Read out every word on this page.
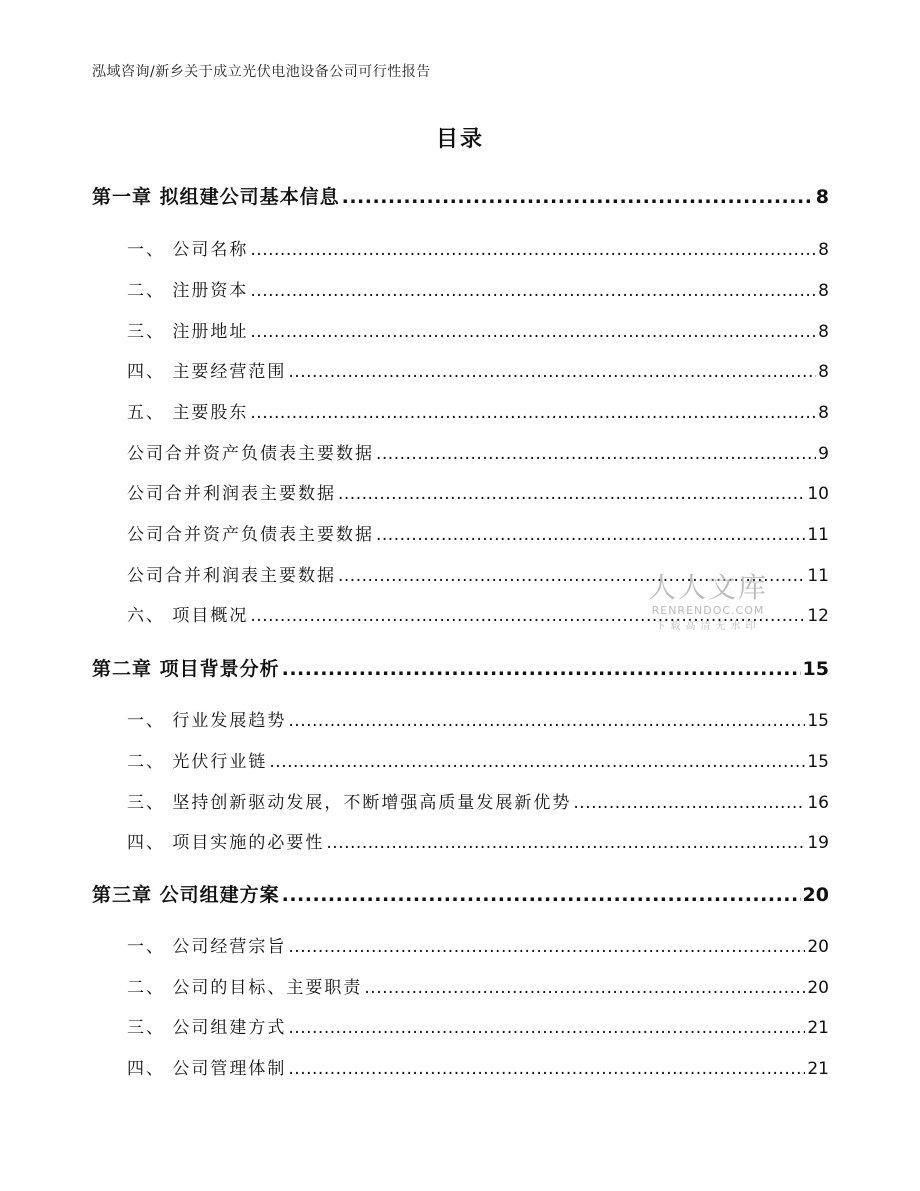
泓域咨询/新乡关于成立光伏电池设备公司可行性报告
目录
第一章 拟组建公司基本信息 .....	8
一、 公司名称 .....	8
二、 注册资本 .....	8
三、 注册地址 .....	8
四、 主要经营范围 .....	8
五、 主要股东 .....	8
公司合并资产负债表主要数据 .....	9
公司合并利润表主要数据 .....	10
公司合并资产负债表主要数据 .....	11
公司合并利润表主要数据 .....	11
六、 项目概况 .....	12
第二章 项目背景分析 .....	15
一、 行业发展趋势 .....	15
二、 光伏行业链 .....	15
三、 坚持创新驱动发展，不断增强高质量发展新优势 .....	16
四、 项目实施的必要性 .....	19
第三章 公司组建方案 .....	20
一、 公司经营宗旨 .....	20
二、 公司的目标、主要职责 .....	20
三、 公司组建方式 .....	21
四、 公司管理体制 .....	21
人人文库
RENRENDOC.COM
下载高清无水印
